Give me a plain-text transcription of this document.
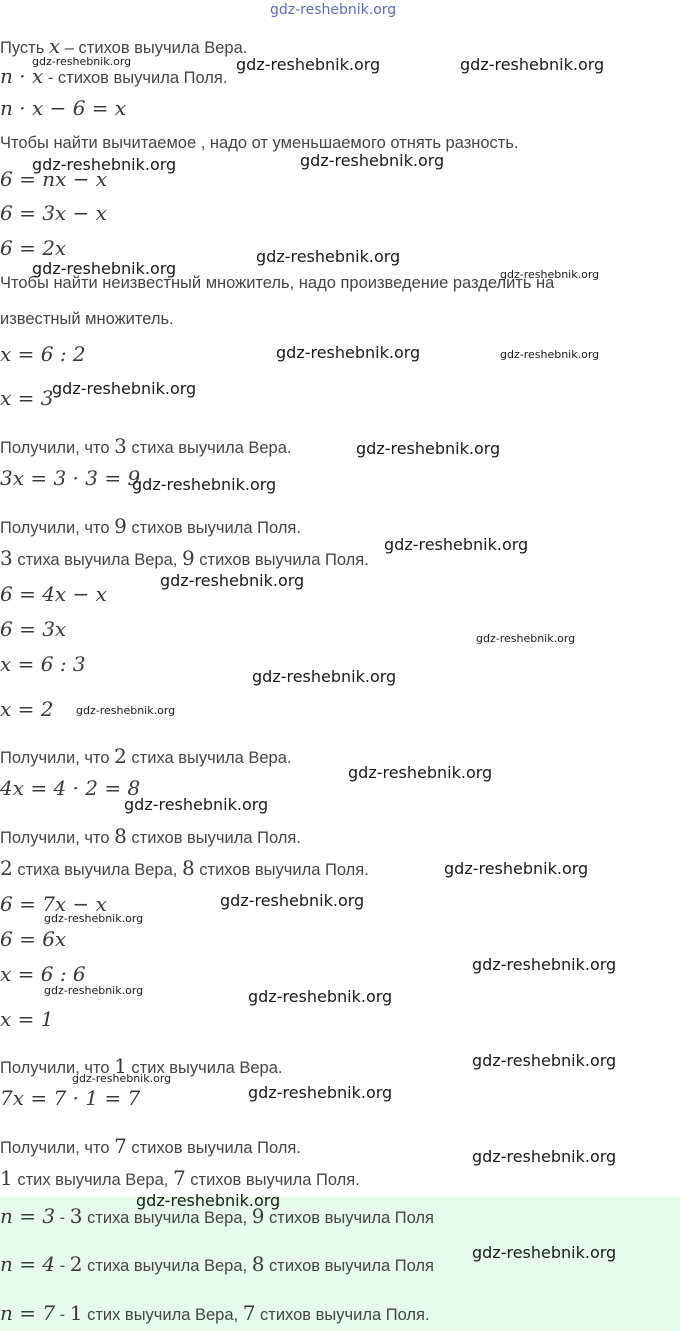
Пусть x – стихов выучила Вера.
n · x - стихов выучила Поля.
n · x − 6 = x
Чтобы найти вычитаемое , надо от уменьшаемого отнять разность.
6 = nx − x
6 = 3x − x
6 = 2x
Чтобы найти неизвестный множитель, надо произведение разделить на
известный множитель.
x = 6 : 2
x = 3
Получили, что 3 стиха выучила Вера.
3x = 3 · 3 = 9
Получили, что 9 стихов выучила Поля.
3 стиха выучила Вера, 9 стихов выучила Поля.
6 = 4x − x
6 = 3x
x = 6 : 3
x = 2
Получили, что 2 стиха выучила Вера.
4x = 4 · 2 = 8
Получили, что 8 стихов выучила Поля.
2 стиха выучила Вера, 8 стихов выучила Поля.
6 = 7x − x
6 = 6x
x = 6 : 6
x = 1
Получили, что 1 стих выучила Вера.
7x = 7 · 1 = 7
Получили, что 7 стихов выучила Поля.
1 стих выучила Вера, 7 стихов выучила Поля.
n = 3 - 3 стиха выучила Вера, 9 стихов выучила Поля
n = 4 - 2 стиха выучила Вера, 8 стихов выучила Поля
n = 7 - 1 стих выучила Вера, 7 стихов выучила Поля.
gdz-reshebnik.org
gdz-reshebnik.org	gdz-reshebnik.org	gdz-reshebnik.org
gdz-reshebnik.org
gdz-reshebnik.org
gdz-reshebnik.org
gdz-reshebnik.org	gdz-reshebnik.org
gdz-reshebnik.org	gdz-reshebnik.org
gdz-reshebnik.org
gdz-reshebnik.org
gdz-reshebnik.org
gdz-reshebnik.org
gdz-reshebnik.org
gdz-reshebnik.org
gdz-reshebnik.org
gdz-reshebnik.org
gdz-reshebnik.org
gdz-reshebnik.org
gdz-reshebnik.org
gdz-reshebnik.org
gdz-reshebnik.org
gdz-reshebnik.org
gdz-reshebnik.org	gdz-reshebnik.org
gdz-reshebnik.org
gdz-reshebnik.org
gdz-reshebnik.org
gdz-reshebnik.org
gdz-reshebnik.org
gdz-reshebnik.org
